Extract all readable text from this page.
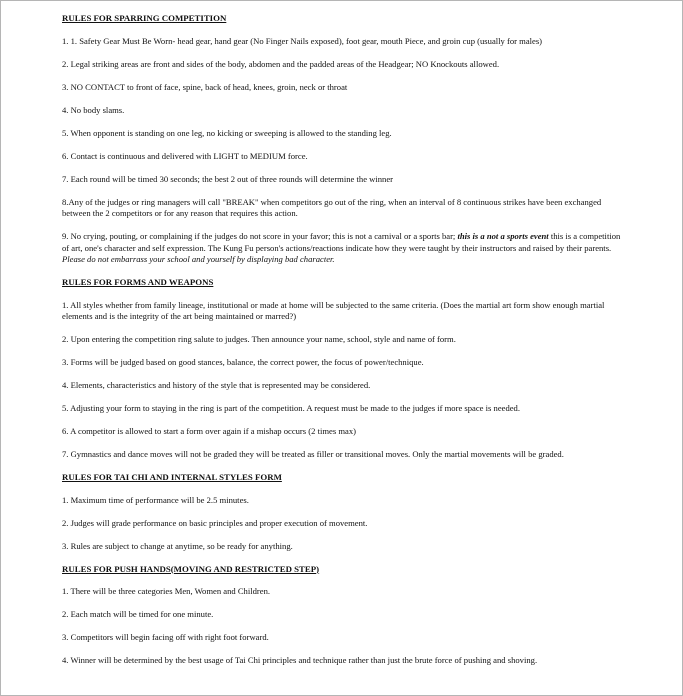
RULES FOR SPARRING COMPETITION
1. 1. Safety Gear Must Be Worn- head gear, hand gear (No Finger Nails exposed), foot gear, mouth Piece, and groin cup (usually for males)
2. Legal striking areas are front and sides of the body, abdomen and the padded areas of the Headgear; NO Knockouts allowed.
3. NO CONTACT to front of face, spine, back of head, knees, groin, neck or throat
4. No body slams.
5. When opponent is standing on one leg, no kicking or sweeping is allowed to the standing leg.
6. Contact is continuous and delivered with LIGHT to MEDIUM force.
7. Each round will be timed 30 seconds; the best 2 out of three rounds will determine the winner
8.Any of the judges or ring managers will call "BREAK" when competitors go out of the ring, when an interval of 8 continuous strikes have been exchanged between the 2 competitors or for any reason that requires this action.
9. No crying, pouting, or complaining if the judges do not score in your favor; this is not a carnival or a sports bar; this is a not a sports event this is a competition of art, one's character and self expression. The Kung Fu person's actions/reactions indicate how they were taught by their instructors and raised by their parents. Please do not embarrass your school and yourself by displaying bad character.
RULES FOR FORMS AND WEAPONS
1. All styles whether from family lineage, institutional or made at home will be subjected to the same criteria. (Does the martial art form show enough martial elements and is the integrity of the art being maintained or marred?)
2. Upon entering the competition ring salute to judges. Then announce your name, school, style and name of form.
3. Forms will be judged based on good stances, balance, the correct power, the focus of power/technique.
4. Elements, characteristics and history of the style that is represented may be considered.
5. Adjusting your form to staying in the ring is part of the competition. A request must be made to the judges if more space is needed.
6. A competitor is allowed to start a form over again if a mishap occurs (2 times max)
7. Gymnastics and dance moves will not be graded they will be treated as filler or transitional moves. Only the martial movements will be graded.
RULES FOR TAI CHI AND INTERNAL STYLES FORM
1. Maximum time of performance will be 2.5 minutes.
2. Judges will grade performance on basic principles and proper execution of movement.
3. Rules are subject to change at anytime, so be ready for anything.
RULES FOR PUSH HANDS(MOVING AND RESTRICTED STEP)
1. There will be three categories Men, Women and Children.
2. Each match will be timed for one minute.
3. Competitors will begin facing off with right foot forward.
4. Winner will be determined by the best usage of Tai Chi principles and technique rather than just the brute force of pushing and shoving.
